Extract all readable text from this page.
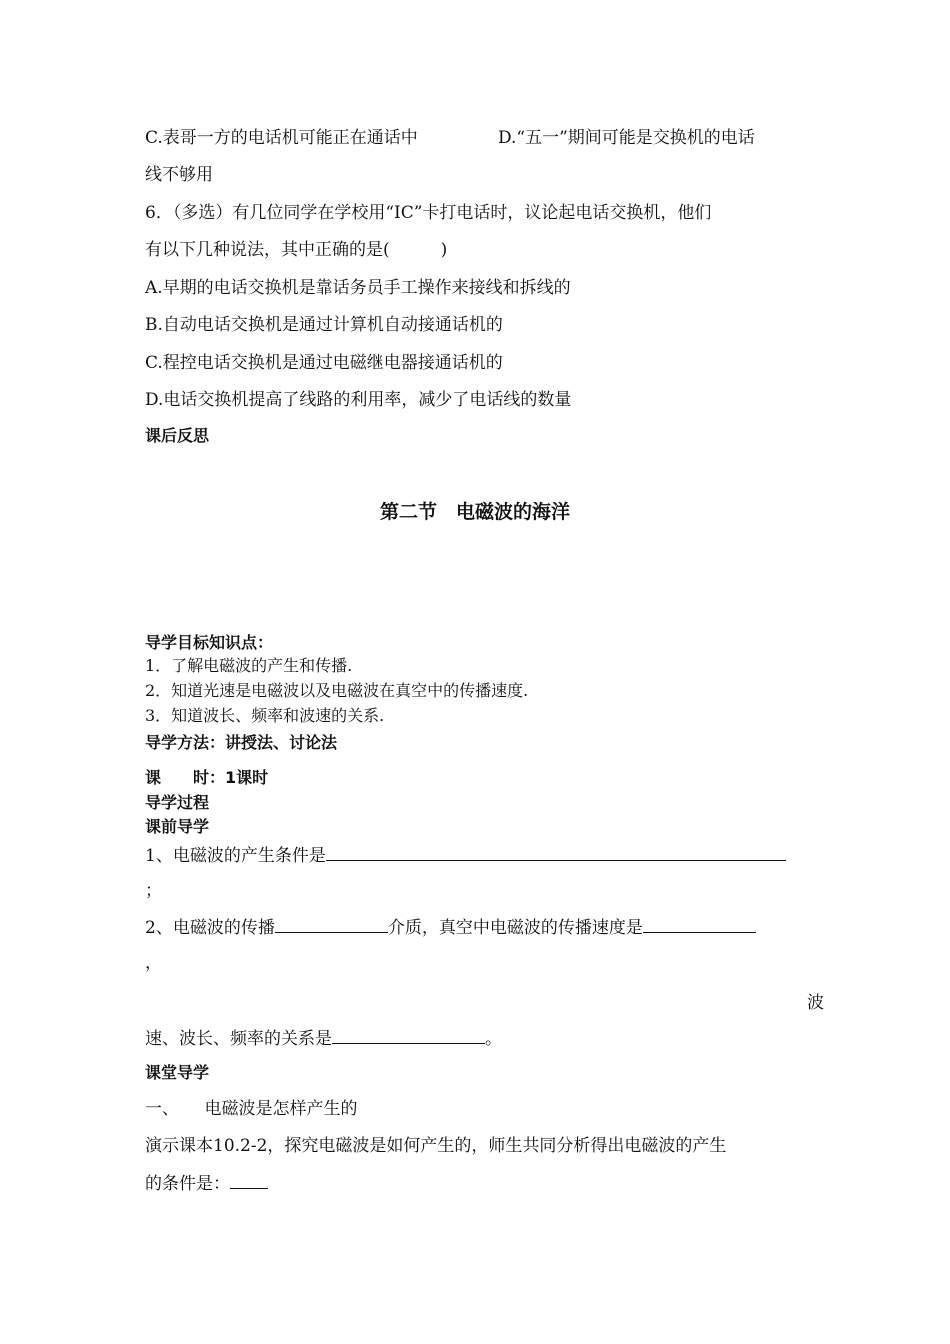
C.表哥一方的电话机可能正在通话中	D.“五一”期间可能是交换机的电话
线不够用
6．（多选）有几位同学在学校用“IC”卡打电话时，议论起电话交换机，他们
有以下几种说法，其中正确的是(　　　)
A.早期的电话交换机是靠话务员手工操作来接线和拆线的
B.自动电话交换机是通过计算机自动接通话机的
C.程控电话交换机是通过电磁继电器接通话机的
D.电话交换机提高了线路的利用率，减少了电话线的数量
课后反思
第二节　电磁波的海洋
导学目标知识点：
1．了解电磁波的产生和传播.
2．知道光速是电磁波以及电磁波在真空中的传播速度.
3．知道波长、频率和波速的关系.
导学方法：讲授法、讨论法
课　　时：1课时
导学过程
课前导学
1、电磁波的产生条件是
；
2、电磁波的传播	介质，真空中电磁波的传播速度是
，
波
速、波长、频率的关系是	。
课堂导学
一、　　电磁波是怎样产生的
演示课本10.2-2，探究电磁波是如何产生的，师生共同分析得出电磁波的产生
的条件是：
